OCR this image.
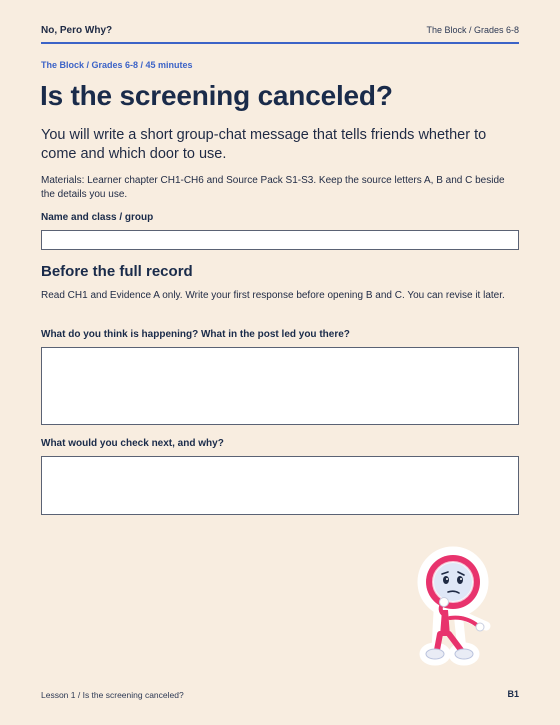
No, Pero Why?	The Block / Grades 6-8
The Block / Grades 6-8 / 45 minutes
Is the screening canceled?

You will write a short group-chat message that tells friends whether to come and which door to use.

Materials: Learner chapter CH1-CH6 and Source Pack S1-S3. Keep the source letters A, B and C beside the details you use.

Name and class / group

Before the full record

Read CH1 and Evidence A only. Write your first response before opening B and C. You can revise it later.

What do you think is happening? What in the post led you there?

What would you check next, and why?

Lesson 1 / Is the screening canceled?	B1
